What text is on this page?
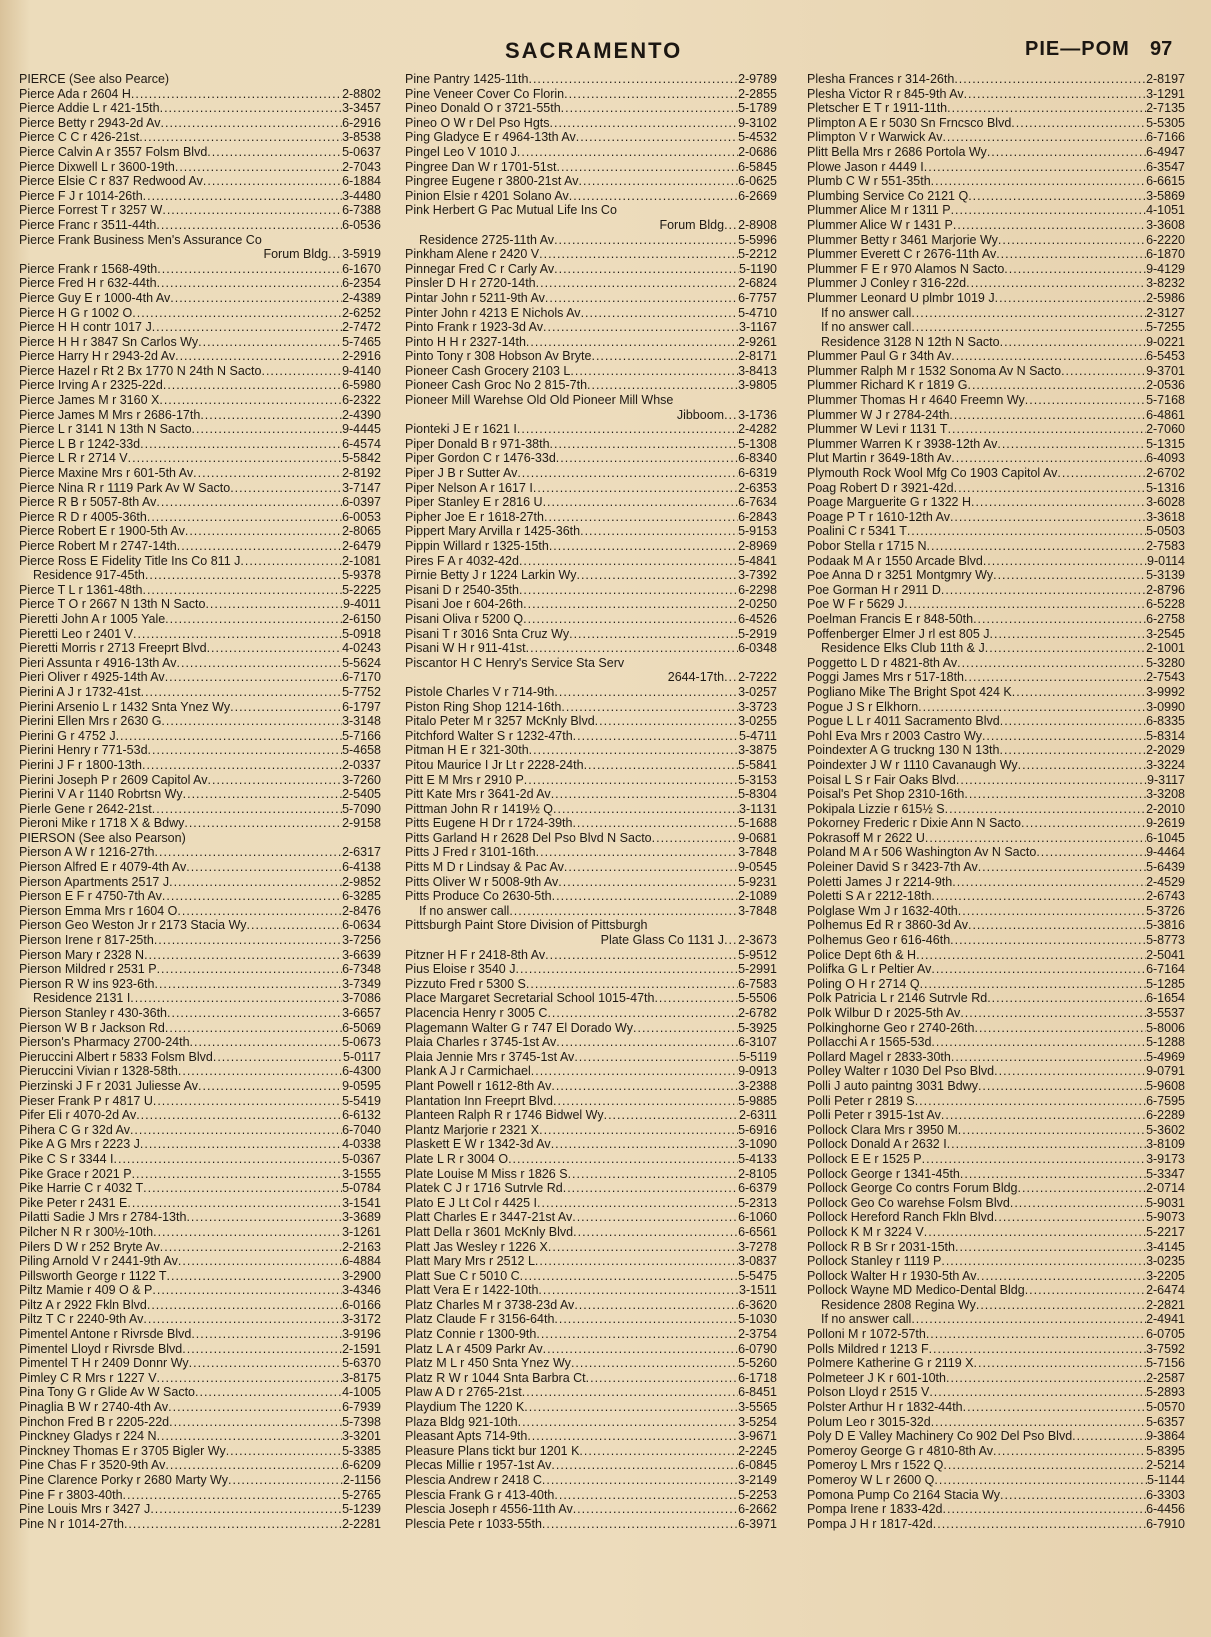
SACRAMENTO	PIE—POM 97
PIERCE (See also Pearce)
Pierce Ada r 2604 H .....	2-8802
Pierce Addie L r 421-15th .....	3-3457
Pierce Betty r 2943-2d Av .....	6-2916
Pierce C C r 426-21st .....	3-8538
Pierce Calvin A r 3557 Folsm Blvd .....	5-0637
Pierce Dixwell L r 3600-19th .....	2-7043
Pierce Elsie C r 837 Redwood Av .....	6-1884
Pierce F J r 1014-26th .....	3-4480
Pierce Forrest T r 3257 W .....	6-7388
Pierce Franc r 3511-44th .....	6-0536
Pierce Frank Business Men's Assurance Co
Forum Bldg ..... 3-5919
Pierce Frank r 1568-49th .....	6-1670
Pierce Fred H r 632-44th .....	6-2354
Pierce Guy E r 1000-4th Av .....	2-4389
Pierce H G r 1002 O .....	2-6252
Pierce H H contr 1017 J .....	2-7472
Pierce H H r 3847 Sn Carlos Wy .....	5-7465
Pierce Harry H r 2943-2d Av .....	2-2916
Pierce Hazel r Rt 2 Bx 1770 N 24th N Sacto .....	9-4140
Pierce Irving A r 2325-22d .....	6-5980
Pierce James M r 3160 X .....	6-2322
Pierce James M Mrs r 2686-17th .....	2-4390
Pierce L r 3141 N 13th N Sacto .....	9-4445
Pierce L B r 1242-33d .....	6-4574
Pierce L R r 2714 V .....	5-5842
Pierce Maxine Mrs r 601-5th Av .....	2-8192
Pierce Nina R r 1119 Park Av W Sacto .....	3-7147
Pierce R B r 5057-8th Av .....	6-0397
Pierce R D r 4005-36th .....	6-0053
Pierce Robert E r 1900-5th Av .....	2-8065
Pierce Robert M r 2747-14th .....	2-6479
Pierce Ross E Fidelity Title Ins Co 811 J .....	2-1081
Residence 917-45th .....	5-9378
Pierce T L r 1361-48th .....	5-2225
Pierce T O r 2667 N 13th N Sacto .....	9-4011
Pieretti John A r 1005 Yale .....	2-6150
Pieretti Leo r 2401 V .....	5-0918
Pieretti Morris r 2713 Freeprt Blvd .....	4-0243
Pieri Assunta r 4916-13th Av .....	5-5624
Pieri Oliver r 4925-14th Av .....	6-7170
Pierini A J r 1732-41st .....	5-7752
Pierini Arsenio L r 1432 Snta Ynez Wy .....	6-1797
Pierini Ellen Mrs r 2630 G .....	3-3148
Pierini G r 4752 J .....	5-7166
Pierini Henry r 771-53d .....	5-4658
Pierini J F r 1800-13th .....	2-0337
Pierini Joseph P r 2609 Capitol Av .....	3-7260
Pierini V A r 1140 Robrtsn Wy .....	2-5405
Pierle Gene r 2642-21st .....	5-7090
Pieroni Mike r 1718 X & Bdwy .....	2-9158
PIERSON (See also Pearson)
Pierson A W r 1216-27th .....	2-6317
Pierson Alfred E r 4079-4th Av .....	6-4138
Pierson Apartments 2517 J .....	2-9852
Pierson E F r 4750-7th Av .....	6-3285
Pierson Emma Mrs r 1604 O .....	2-8476
Pierson Geo Weston Jr r 2173 Stacia Wy .....	6-0634
Pierson Irene r 817-25th .....	3-7256
Pierson Mary r 2328 N .....	3-6639
Pierson Mildred r 2531 P .....	6-7348
Pierson R W ins 923-6th .....	3-7349
Residence 2131 I .....	3-7086
Pierson Stanley r 430-36th .....	3-6657
Pierson W B r Jackson Rd .....	6-5069
Pierson's Pharmacy 2700-24th .....	5-0673
Pieruccini Albert r 5833 Folsm Blvd .....	5-0117
Pieruccini Vivian r 1328-58th .....	6-4300
Pierzinski J F r 2031 Juliesse Av .....	9-0595
Pieser Frank P r 4817 U .....	5-5419
Pifer Eli r 4070-2d Av .....	6-6132
Pihera C G r 32d Av .....	6-7040
Pike A G Mrs r 2223 J .....	4-0338
Pike C S r 3344 I .....	5-0367
Pike Grace r 2021 P .....	3-1555
Pike Harrie C r 4032 T .....	5-0784
Pike Peter r 2431 E .....	3-1541
Pilatti Sadie J Mrs r 2784-13th .....	3-3689
Pilcher N R r 300½-10th .....	3-1261
Pilers D W r 252 Bryte Av .....	2-2163
Piling Arnold V r 2441-9th Av .....	6-4884
Pillsworth George r 1122 T .....	3-2900
Piltz Mamie r 409 O & P .....	3-4346
Piltz A r 2922 Fkln Blvd .....	6-0166
Piltz T C r 2240-9th Av .....	3-3172
Pimentel Antone r Rivrsde Blvd .....	3-9196
Pimentel Lloyd r Rivrsde Blvd .....	2-1591
Pimentel T H r 2409 Donnr Wy .....	5-6370
Pimley C R Mrs r 1227 V .....	3-8175
Pina Tony G r Glide Av W Sacto .....	4-1005
Pinaglia B W r 2740-4th Av .....	6-7939
Pinchon Fred B r 2205-22d .....	5-7398
Pinckney Gladys r 224 N .....	3-3201
Pinckney Thomas E r 3705 Bigler Wy .....	5-3385
Pine Chas F r 3520-9th Av .....	6-6209
Pine Clarence Porky r 2680 Marty Wy .....	2-1156
Pine F r 3803-40th .....	5-2765
Pine Louis Mrs r 3427 J .....	5-1239
Pine N r 1014-27th .....	2-2281
Pine Pantry 1425-11th .....	2-9789
Pine Veneer Cover Co Florin .....	2-2855
Pineo Donald O r 3721-55th .....	5-1789
Pineo O W r Del Pso Hgts .....	9-3102
Ping Gladyce E r 4964-13th Av .....	5-4532
Pingel Leo V 1010 J .....	2-0686
Pingree Dan W r 1701-51st .....	6-5845
Pingree Eugene r 3800-21st Av .....	6-0625
Pinion Elsie r 4201 Solano Av .....	6-2669
Pink Herbert G Pac Mutual Life Ins Co
Forum Bldg ..... 2-8908
Residence 2725-11th Av .....	5-5996
Pinkham Alene r 2420 V .....	5-2212
Pinnegar Fred C r Carly Av .....	5-1190
Pinsler D H r 2720-14th .....	2-6824
Pintar John r 5211-9th Av .....	6-7757
Pinter John r 4213 E Nichols Av .....	5-4710
Pinto Frank r 1923-3d Av .....	3-1167
Pinto H H r 2327-14th .....	2-9261
Pinto Tony r 308 Hobson Av Bryte .....	2-8171
Pioneer Cash Grocery 2103 L .....	3-8413
Pioneer Cash Groc No 2 815-7th .....	3-9805
Pioneer Mill Warehse Old Old Pioneer Mill Whse
Jibboom ..... 3-1736
Pionteki J E r 1621 I .....	2-4282
Piper Donald B r 971-38th .....	5-1308
Piper Gordon C r 1476-33d .....	6-8340
Piper J B r Sutter Av .....	6-6319
Piper Nelson A r 1617 I .....	2-6353
Piper Stanley E r 2816 U .....	6-7634
Pipher Joe E r 1618-27th .....	6-2843
Pippert Mary Arvilla r 1425-36th .....	5-9153
Pippin Willard r 1325-15th .....	2-8969
Pires F A r 4032-42d .....	5-4841
Pirnie Betty J r 1224 Larkin Wy .....	3-7392
Pisani D r 2540-35th .....	6-2298
Pisani Joe r 604-26th .....	2-0250
Pisani Oliva r 5200 Q .....	6-4526
Pisani T r 3016 Snta Cruz Wy .....	5-2919
Pisani W H r 911-41st .....	6-0348
Piscantor H C Henry's Service Sta Serv
2644-17th ..... 2-7222
Pistole Charles V r 714-9th .....	3-0257
Piston Ring Shop 1214-16th .....	3-3723
Pitalo Peter M r 3257 McKnly Blvd .....	3-0255
Pitchford Walter S r 1232-47th .....	5-4711
Pitman H E r 321-30th .....	3-3875
Pitou Maurice I Jr Lt r 2228-24th .....	5-5841
Pitt E M Mrs r 2910 P .....	5-3153
Pitt Kate Mrs r 3641-2d Av .....	5-8304
Pittman John R r 1419½ Q .....	3-1131
Pitts Eugene H Dr r 1724-39th .....	5-1688
Pitts Garland H r 2628 Del Pso Blvd N Sacto .....	9-0681
Pitts J Fred r 3101-16th .....	3-7848
Pitts M D r Lindsay & Pac Av .....	9-0545
Pitts Oliver W r 5008-9th Av .....	5-9231
Pitts Produce Co 2630-5th .....	2-1089
If no answer call .....	3-7848
Pittsburgh Paint Store Division of Pittsburgh
Plate Glass Co 1131 J ..... 2-3673
Pitzner H F r 2418-8th Av .....	5-9512
Pius Eloise r 3540 J .....	5-2991
Pizzuto Fred r 5300 S .....	6-7583
Place Margaret Secretarial School 1015-47th .....	5-5506
Placencia Henry r 3005 C .....	2-6782
Plagemann Walter G r 747 El Dorado Wy .....	5-3925
Plaia Charles r 3745-1st Av .....	6-3107
Plaia Jennie Mrs r 3745-1st Av .....	5-5119
Plank A J r Carmichael .....	9-0913
Plant Powell r 1612-8th Av .....	3-2388
Plantation Inn Freeprt Blvd .....	5-9885
Planteen Ralph R r 1746 Bidwel Wy .....	2-6311
Plantz Marjorie r 2321 X .....	5-6916
Plaskett E W r 1342-3d Av .....	3-1090
Plate L R r 3004 O .....	5-4133
Plate Louise M Miss r 1826 S .....	2-8105
Platek C J r 1716 Sutrvle Rd .....	6-6379
Plato E J Lt Col r 4425 I .....	5-2313
Platt Charles E r 3447-21st Av .....	6-1060
Platt Della r 3601 McKnly Blvd .....	6-6561
Platt Jas Wesley r 1226 X .....	3-7278
Platt Mary Mrs r 2512 L .....	3-0837
Platt Sue C r 5010 C .....	5-5475
Platt Vera E r 1422-10th .....	3-1511
Platz Charles M r 3738-23d Av .....	6-3620
Platz Claude F r 3156-64th .....	5-1030
Platz Connie r 1300-9th .....	2-3754
Platz L A r 4509 Parkr Av .....	6-0790
Platz M L r 450 Snta Ynez Wy .....	5-5260
Platz R W r 1044 Snta Barbra Ct .....	6-1718
Plaw A D r 2765-21st .....	6-8451
Playdium The 1220 K .....	3-5565
Plaza Bldg 921-10th .....	3-5254
Pleasant Apts 714-9th .....	3-9671
Pleasure Plans tickt bur 1201 K .....	2-2245
Plecas Millie r 1957-1st Av .....	6-0845
Plescia Andrew r 2418 C .....	3-2149
Plescia Frank G r 413-40th .....	5-2253
Plescia Joseph r 4556-11th Av .....	6-2662
Plescia Pete r 1033-55th .....	6-3971
Plesha Frances r 314-26th .....	2-8197
Plesha Victor R r 845-9th Av .....	3-1291
Pletscher E T r 1911-11th .....	2-7135
Plimpton A E r 5030 Sn Frncsco Blvd .....	5-5305
Plimpton V r Warwick Av .....	6-7166
Plitt Bella Mrs r 2686 Portola Wy .....	6-4947
Plowe Jason r 4449 I .....	6-3547
Plumb C W r 551-35th .....	6-6615
Plumbing Service Co 2121 Q .....	3-5869
Plummer Alice M r 1311 P .....	4-1051
Plummer Alice W r 1431 P .....	3-3608
Plummer Betty r 3461 Marjorie Wy .....	6-2220
Plummer Everett C r 2676-11th Av .....	6-1870
Plummer F E r 970 Alamos N Sacto .....	9-4129
Plummer J Conley r 316-22d .....	3-8232
Plummer Leonard U plmbr 1019 J .....	2-5986
If no answer call .....	2-3127
If no answer call .....	5-7255
Residence 3128 N 12th N Sacto .....	9-0221
Plummer Paul G r 34th Av .....	6-5453
Plummer Ralph M r 1532 Sonoma Av N Sacto .....	9-3701
Plummer Richard K r 1819 G .....	2-0536
Plummer Thomas H r 4640 Freemn Wy .....	5-7168
Plummer W J r 2784-24th .....	6-4861
Plummer W Levi r 1131 T .....	2-7060
Plummer Warren K r 3938-12th Av .....	5-1315
Plut Martin r 3649-18th Av .....	6-4093
Plymouth Rock Wool Mfg Co 1903 Capitol Av .....	2-6702
Poag Robert D r 3921-42d .....	5-1316
Poage Marguerite G r 1322 H .....	3-6028
Poage P T r 1610-12th Av .....	3-3618
Poalini C r 5341 T .....	5-0503
Pobor Stella r 1715 N .....	2-7583
Podaak M A r 1550 Arcade Blvd .....	9-0114
Poe Anna D r 3251 Montgmry Wy .....	5-3139
Poe Gorman H r 2911 D .....	2-8796
Poe W F r 5629 J .....	6-5228
Poelman Francis E r 848-50th .....	6-2758
Poffenberger Elmer J rl est 805 J .....	3-2545
Residence Elks Club 11th & J .....	2-1001
Poggetto L D r 4821-8th Av .....	5-3280
Poggi James Mrs r 517-18th .....	2-7543
Pogliano Mike The Bright Spot 424 K .....	3-9992
Pogue J S r Elkhorn .....	3-0990
Pogue L L r 4011 Sacramento Blvd .....	6-8335
Pohl Eva Mrs r 2003 Castro Wy .....	5-8314
Poindexter A G truckng 130 N 13th .....	2-2029
Poindexter J W r 1110 Cavanaugh Wy .....	3-3224
Poisal L S r Fair Oaks Blvd .....	9-3117
Poisal's Pet Shop 2310-16th .....	3-3208
Pokipala Lizzie r 615½ S .....	2-2010
Pokorney Frederic r Dixie Ann N Sacto .....	9-2619
Pokrasoff M r 2622 U .....	6-1045
Poland M A r 506 Washington Av N Sacto .....	9-4464
Poleiner David S r 3423-7th Av .....	5-6439
Poletti James J r 2214-9th .....	2-4529
Poletti S A r 2212-18th .....	2-6743
Polglase Wm J r 1632-40th .....	5-3726
Polhemus Ed R r 3860-3d Av .....	5-3816
Polhemus Geo r 616-46th .....	5-8773
Police Dept 6th & H .....	2-5041
Polifka G L r Peltier Av .....	6-7164
Poling O H r 2714 Q .....	5-1285
Polk Patricia L r 2146 Sutrvle Rd .....	6-1654
Polk Wilbur D r 2025-5th Av .....	3-5537
Polkinghorne Geo r 2740-26th .....	5-8006
Pollacchi A r 1565-53d .....	5-1288
Pollard Magel r 2833-30th .....	5-4969
Polley Walter r 1030 Del Pso Blvd .....	9-0791
Polli J auto paintng 3031 Bdwy .....	5-9608
Polli Peter r 2819 S .....	6-7595
Polli Peter r 3915-1st Av .....	6-2289
Pollock Clara Mrs r 3950 M .....	5-3602
Pollock Donald A r 2632 I .....	3-8109
Pollock E E r 1525 P .....	3-9173
Pollock George r 1341-45th .....	5-3347
Pollock George Co contrs Forum Bldg .....	2-0714
Pollock Geo Co warehse Folsm Blvd .....	5-9031
Pollock Hereford Ranch Fkln Blvd .....	5-9073
Pollock K M r 3224 V .....	5-2217
Pollock R B Sr r 2031-15th .....	3-4145
Pollock Stanley r 1119 P .....	3-0235
Pollock Walter H r 1930-5th Av .....	3-2205
Pollock Wayne MD Medico-Dental Bldg .....	2-6474
Residence 2808 Regina Wy .....	2-2821
If no answer call .....	2-4941
Polloni M r 1072-57th .....	6-0705
Polls Mildred r 1213 F .....	3-7592
Polmere Katherine G r 2119 X .....	5-7156
Polmeteer J K r 601-10th .....	2-2587
Polson Lloyd r 2515 V .....	5-2893
Polster Arthur H r 1832-44th .....	5-0570
Polum Leo r 3015-32d .....	5-6357
Poly D E Valley Machinery Co 902 Del Pso Blvd .....	9-3864
Pomeroy George G r 4810-8th Av .....	5-8395
Pomeroy L Mrs r 1522 Q .....	2-5214
Pomeroy W L r 2600 Q .....	5-1144
Pomona Pump Co 2164 Stacia Wy .....	6-3303
Pompa Irene r 1833-42d .....	6-4456
Pompa J H r 1817-42d .....	6-7910
